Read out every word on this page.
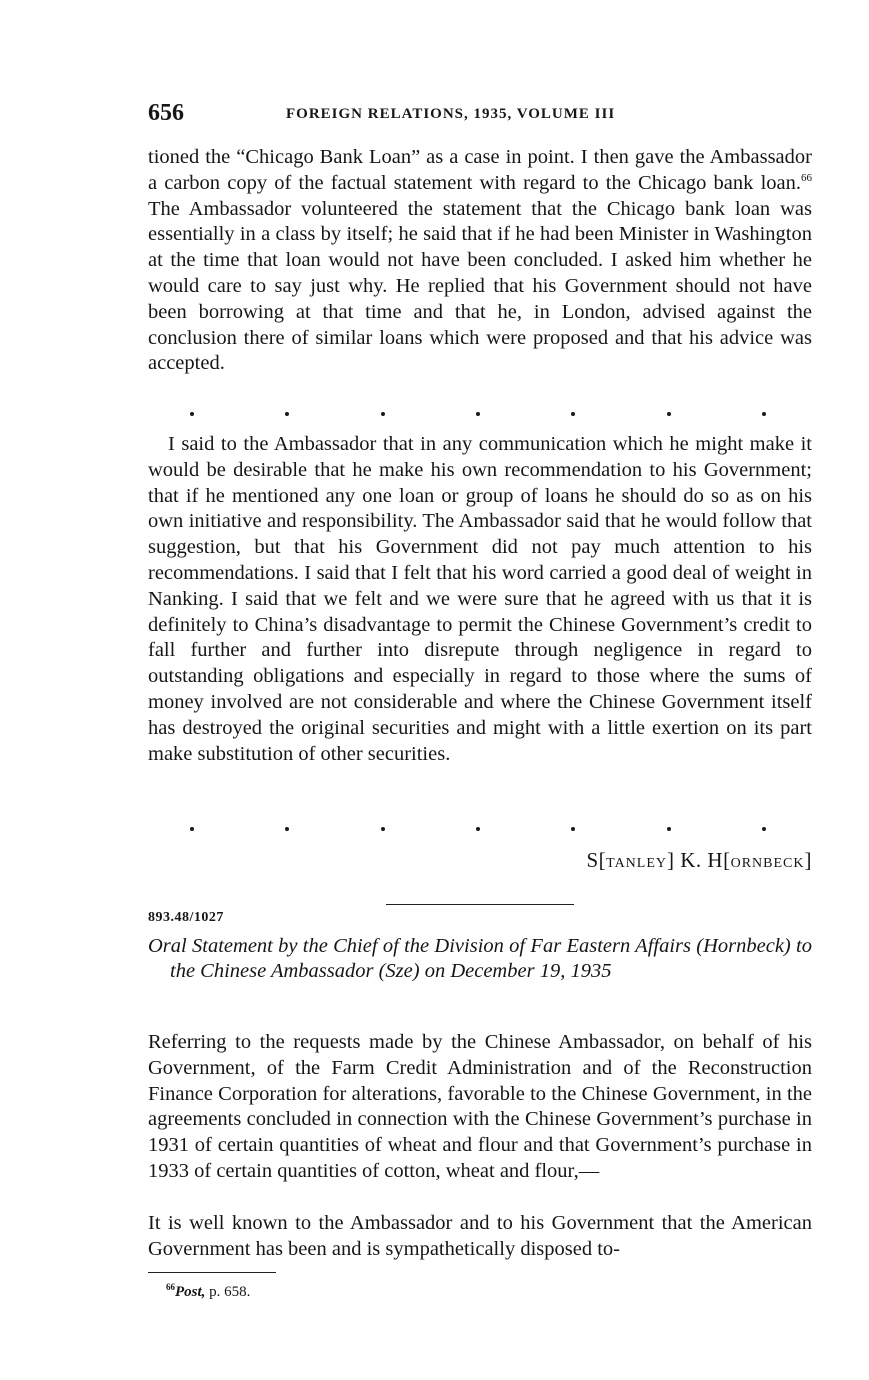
656	FOREIGN RELATIONS, 1935, VOLUME III

tioned the “Chicago Bank Loan” as a case in point. I then gave the Ambassador a carbon copy of the factual statement with regard to the Chicago bank loan.$^{66}$ The Ambassador volunteered the statement that the Chicago bank loan was essentially in a class by itself; he said that if he had been Minister in Washington at the time that loan would not have been concluded. I asked him whether he would care to say just why. He replied that his Government should not have been borrowing at that time and that he, in London, advised against the conclusion there of similar loans which were proposed and that his advice was accepted.

I said to the Ambassador that in any communication which he might make it would be desirable that he make his own recommendation to his Government; that if he mentioned any one loan or group of loans he should do so as on his own initiative and responsibility. The Ambassador said that he would follow that suggestion, but that his Government did not pay much attention to his recommendations. I said that I felt that his word carried a good deal of weight in Nanking. I said that we felt and we were sure that he agreed with us that it is definitely to China’s disadvantage to permit the Chinese Government’s credit to fall further and further into disrepute through negligence in regard to outstanding obligations and especially in regard to those where the sums of money involved are not considerable and where the Chinese Government itself has destroyed the original securities and might with a little exertion on its part make substitution of other securities.

S[TANLEY] K. H[ORNBECK]
893.48/1027

Oral Statement by the Chief of the Division of Far Eastern Affairs (Hornbeck) to the Chinese Ambassador (Sze) on December 19, 1935

Referring to the requests made by the Chinese Ambassador, on behalf of his Government, of the Farm Credit Administration and of the Reconstruction Finance Corporation for alterations, favorable to the Chinese Government, in the agreements concluded in connection with the Chinese Government’s purchase in 1931 of certain quantities of wheat and flour and that Government’s purchase in 1933 of certain quantities of cotton, wheat and flour,—

It is well known to the Ambassador and to his Government that the American Government has been and is sympathetically disposed to-

$^{66}$Post, p. 658.
